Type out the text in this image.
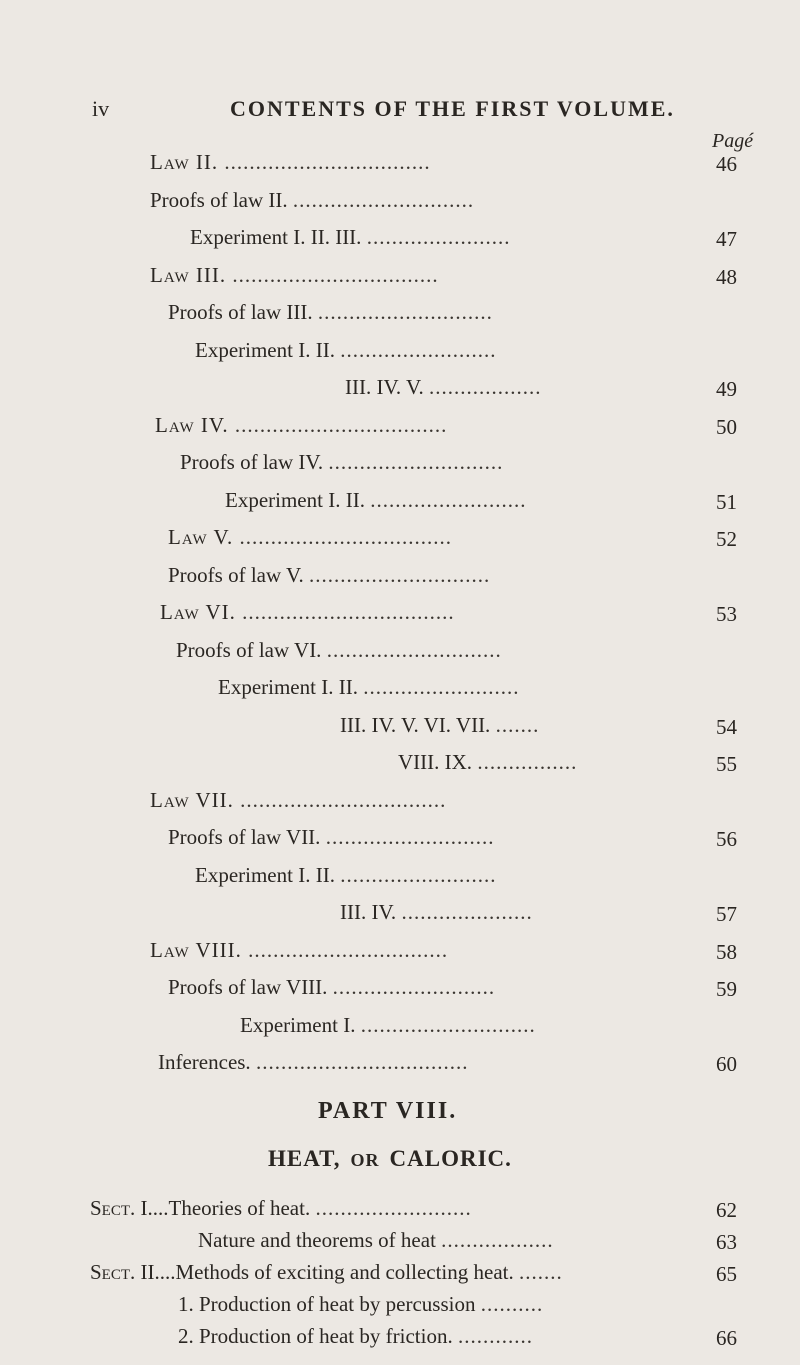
iv	CONTENTS OF THE FIRST VOLUME.
Pagé
Law II. .................................	46
Proofs of law II. .............................
Experiment I. II. III. .......................	47
Law III. .................................	48
Proofs of law III. ............................
Experiment I. II. .........................
III. IV. V. ..................	49
Law IV. ..................................	50
Proofs of law IV. ............................
Experiment I. II. .........................	51
Law V. ..................................	52
Proofs of law V. .............................
Law VI. ..................................	53
Proofs of law VI. ............................
Experiment I. II. .........................
III. IV. V. VI. VII. .......	54
VIII. IX. ................	55
Law VII. .................................
Proofs of law VII. ...........................	56
Experiment I. II. .........................
III. IV. .....................	57
Law VIII. ................................	58
Proofs of law VIII. ..........................	59
Experiment I. ............................
Inferences. ..................................	60
PART VIII.
HEAT, OR CALORIC.
Sect. I....Theories of heat. .........................	62
Nature and theorems of heat ..................	63
Sect. II....Methods of exciting and collecting heat. .......	65
1. Production of heat by percussion ..........
2. Production of heat by friction. ............	66
